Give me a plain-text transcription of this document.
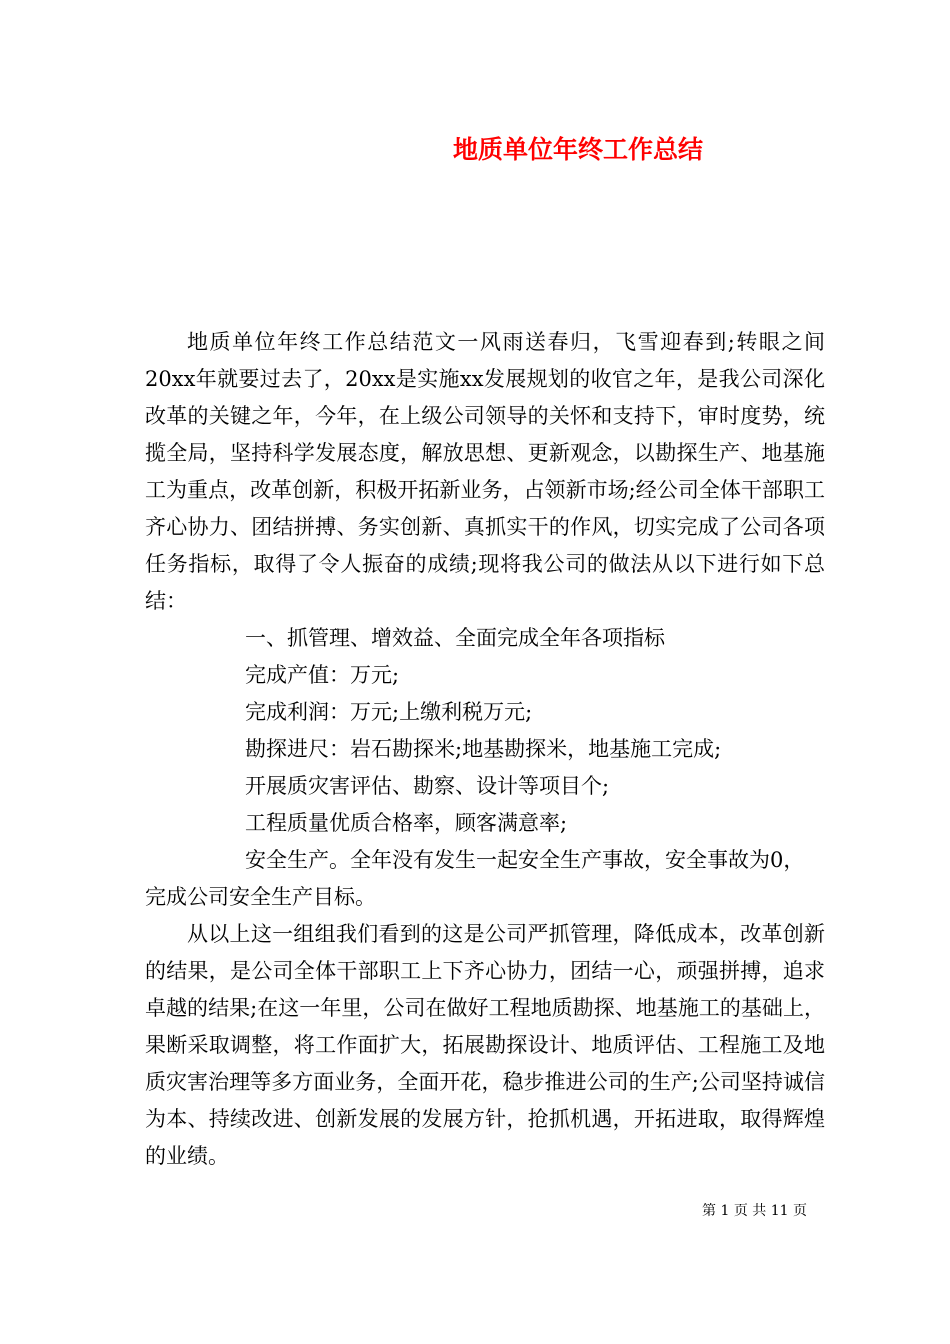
地质单位年终工作总结

地质单位年终工作总结范文一风雨送春归，飞雪迎春到;转眼之间20xx年就要过去了，20xx是实施xx发展规划的收官之年，是我公司深化改革的关键之年，今年，在上级公司领导的关怀和支持下，审时度势，统揽全局，坚持科学发展态度，解放思想、更新观念，以勘探生产、地基施工为重点，改革创新，积极开拓新业务，占领新市场;经公司全体干部职工齐心协力、团结拼搏、务实创新、真抓实干的作风，切实完成了公司各项任务指标，取得了令人振奋的成绩;现将我公司的做法从以下进行如下总结：

一、抓管理、增效益、全面完成全年各项指标

完成产值：万元;

完成利润：万元;上缴利税万元;

勘探进尺：岩石勘探米;地基勘探米，地基施工完成;

开展质灾害评估、勘察、设计等项目个;

工程质量优质合格率，顾客满意率;

安全生产。全年没有发生一起安全生产事故，安全事故为0，完成公司安全生产目标。

从以上这一组组我们看到的这是公司严抓管理，降低成本，改革创新的结果，是公司全体干部职工上下齐心协力，团结一心，顽强拼搏，追求卓越的结果;在这一年里，公司在做好工程地质勘探、地基施工的基础上，果断采取调整，将工作面扩大，拓展勘探设计、地质评估、工程施工及地质灾害治理等多方面业务，全面开花，稳步推进公司的生产;公司坚持诚信为本、持续改进、创新发展的发展方针，抢抓机遇，开拓进取，取得辉煌的业绩。

第 1 页 共 11 页
